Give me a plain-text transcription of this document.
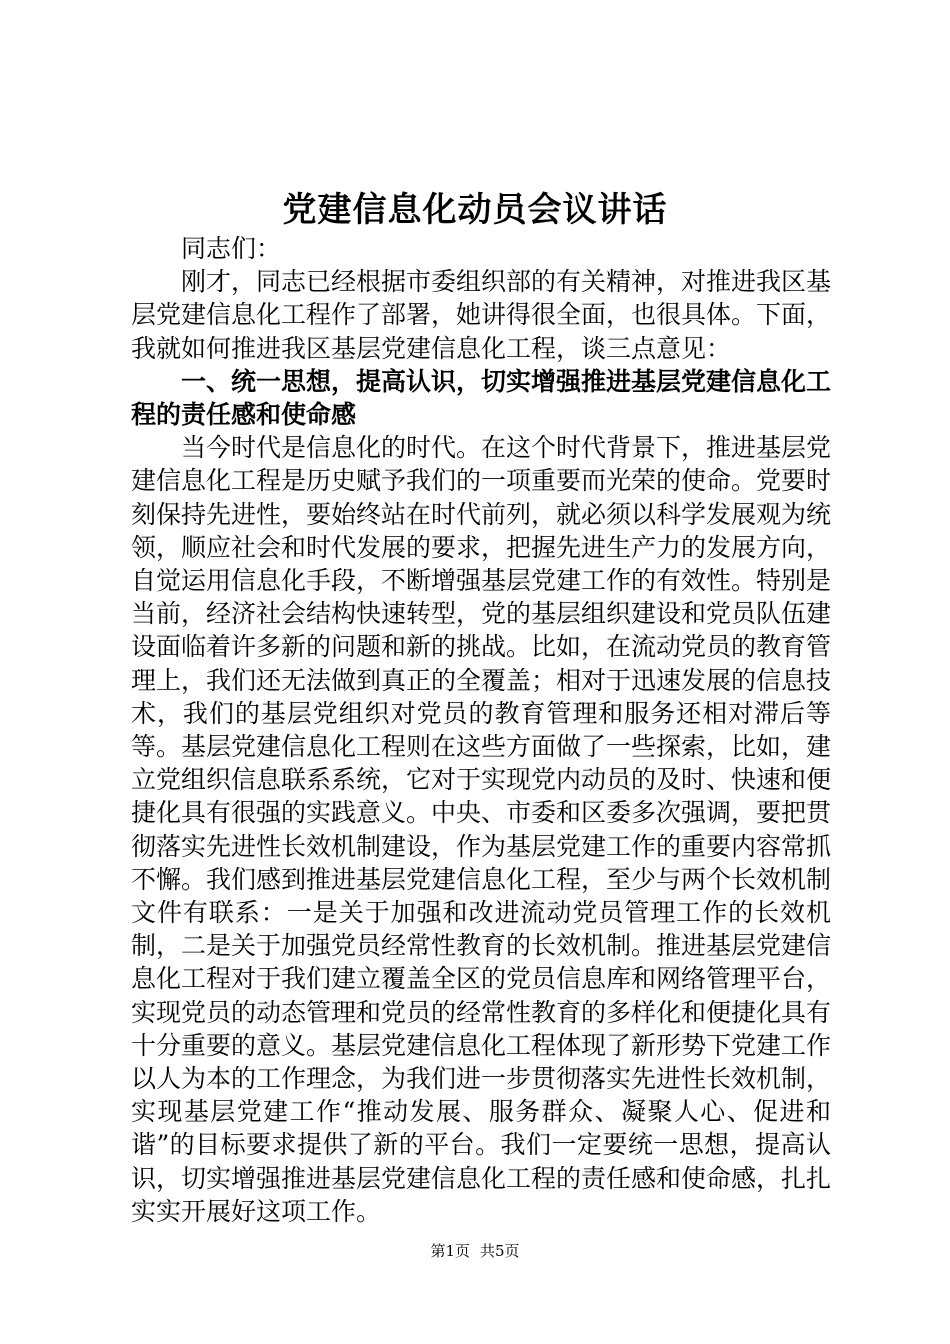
党建信息化动员会议讲话

同志们：

刚才，同志已经根据市委组织部的有关精神，对推进我区基层党建信息化工程作了部署，她讲得很全面，也很具体。下面，我就如何推进我区基层党建信息化工程，谈三点意见：

一、统一思想，提高认识，切实增强推进基层党建信息化工程的责任感和使命感

当今时代是信息化的时代。在这个时代背景下，推进基层党建信息化工程是历史赋予我们的一项重要而光荣的使命。党要时刻保持先进性，要始终站在时代前列，就必须以科学发展观为统领，顺应社会和时代发展的要求，把握先进生产力的发展方向，自觉运用信息化手段，不断增强基层党建工作的有效性。特别是当前，经济社会结构快速转型，党的基层组织建设和党员队伍建设面临着许多新的问题和新的挑战。比如，在流动党员的教育管理上，我们还无法做到真正的全覆盖；相对于迅速发展的信息技术，我们的基层党组织对党员的教育管理和服务还相对滞后等等。基层党建信息化工程则在这些方面做了一些探索，比如，建立党组织信息联系系统，它对于实现党内动员的及时、快速和便捷化具有很强的实践意义。中央、市委和区委多次强调，要把贯彻落实先进性长效机制建设，作为基层党建工作的重要内容常抓不懈。我们感到推进基层党建信息化工程，至少与两个长效机制文件有联系：一是关于加强和改进流动党员管理工作的长效机制，二是关于加强党员经常性教育的长效机制。推进基层党建信息化工程对于我们建立覆盖全区的党员信息库和网络管理平台，实现党员的动态管理和党员的经常性教育的多样化和便捷化具有十分重要的意义。基层党建信息化工程体现了新形势下党建工作以人为本的工作理念，为我们进一步贯彻落实先进性长效机制，实现基层党建工作“推动发展、服务群众、凝聚人心、促进和谐”的目标要求提供了新的平台。我们一定要统一思想，提高认识，切实增强推进基层党建信息化工程的责任感和使命感，扎扎实实开展好这项工作。

第1页 共5页
